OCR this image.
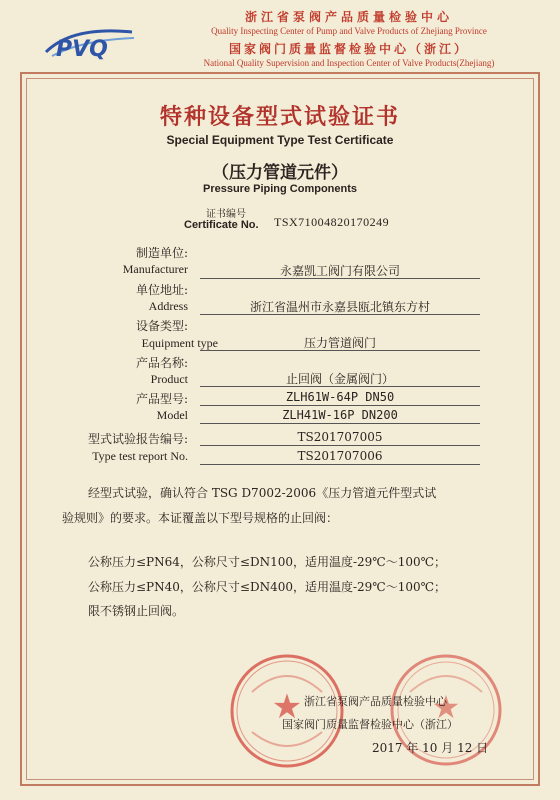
PVQ
浙江省泵阀产品质量检验中心
Quality Inspecting Center of Pump and Valve Products of Zhejiang Province
国家阀门质量监督检验中心（浙江）
National Quality Supervision and Inspection Center of Valve Products(Zhejiang)
特种设备型式试验证书
Special Equipment Type Test Certificate
（压力管道元件）
Pressure Piping Components
证书编号
Certificate No. TSX71004820170249
制造单位:
Manufacturer	永嘉凯工阀门有限公司
单位地址:
Address	浙江省温州市永嘉县瓯北镇东方村
设备类型:
Equipment type	压力管道阀门
产品名称:
Product	止回阀（金属阀门）
产品型号:
Model
ZLH61W-64P DN50
ZLH41W-16P DN200
型式试验报告编号:
Type test report No.
TS201707005
TS201707006
经型式试验，确认符合 TSG D7002-2006《压力管道元件型式试
验规则》的要求。本证覆盖以下型号规格的止回阀：
公称压力≤PN64，公称尺寸≤DN100，适用温度-29℃～100℃；
公称压力≤PN40，公称尺寸≤DN400，适用温度-29℃～100℃；
限不锈钢止回阀。
★	★
浙江省泵阀产品质量检验中心
国家阀门质量监督检验中心（浙江）
2017 年 10 月 12 日
